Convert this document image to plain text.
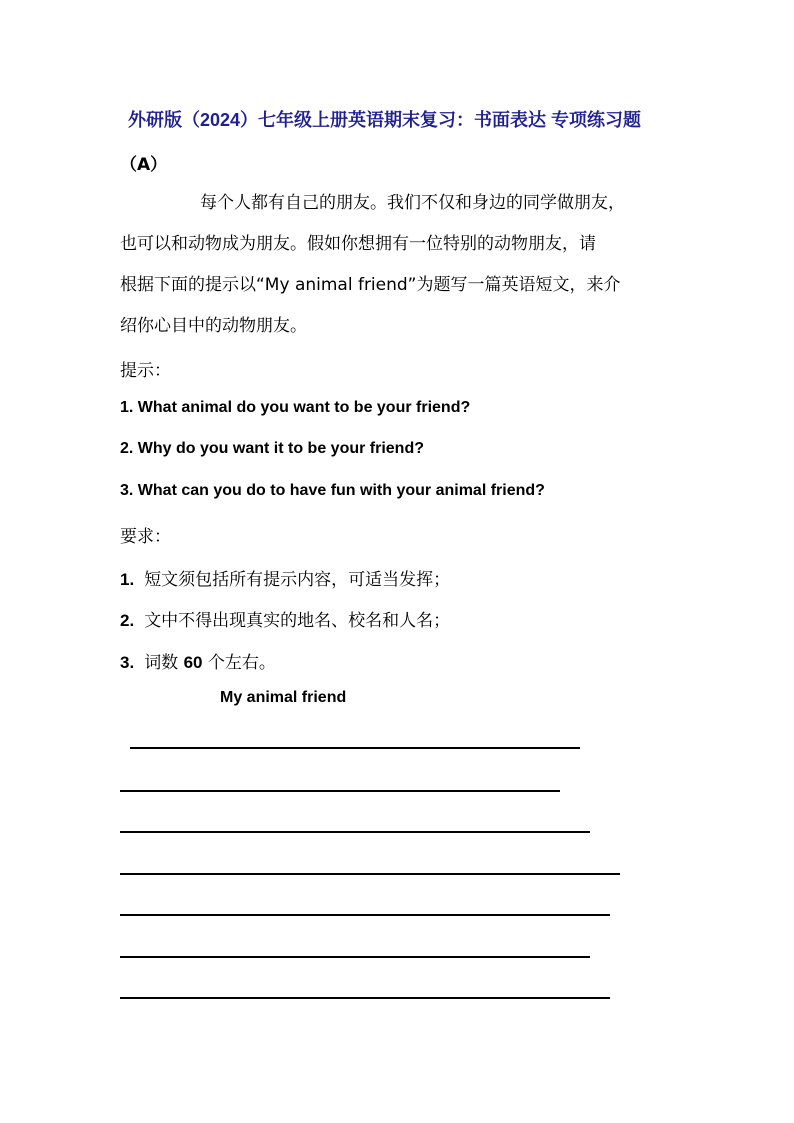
外研版（2024）七年级上册英语期末复习：书面表达 专项练习题
（A）
每个人都有自己的朋友。我们不仅和身边的同学做朋友，
也可以和动物成为朋友。假如你想拥有一位特别的动物朋友，请
根据下面的提示以“My animal friend”为题写一篇英语短文，来介
绍你心目中的动物朋友。
提示：
1. What animal do you want to be your friend?
2. Why do you want it to be your friend?
3. What can you do to have fun with your animal friend?
要求：
1. 短文须包括所有提示内容，可适当发挥；
2. 文中不得出现真实的地名、校名和人名；
3. 词数 60 个左右。
My animal friend
